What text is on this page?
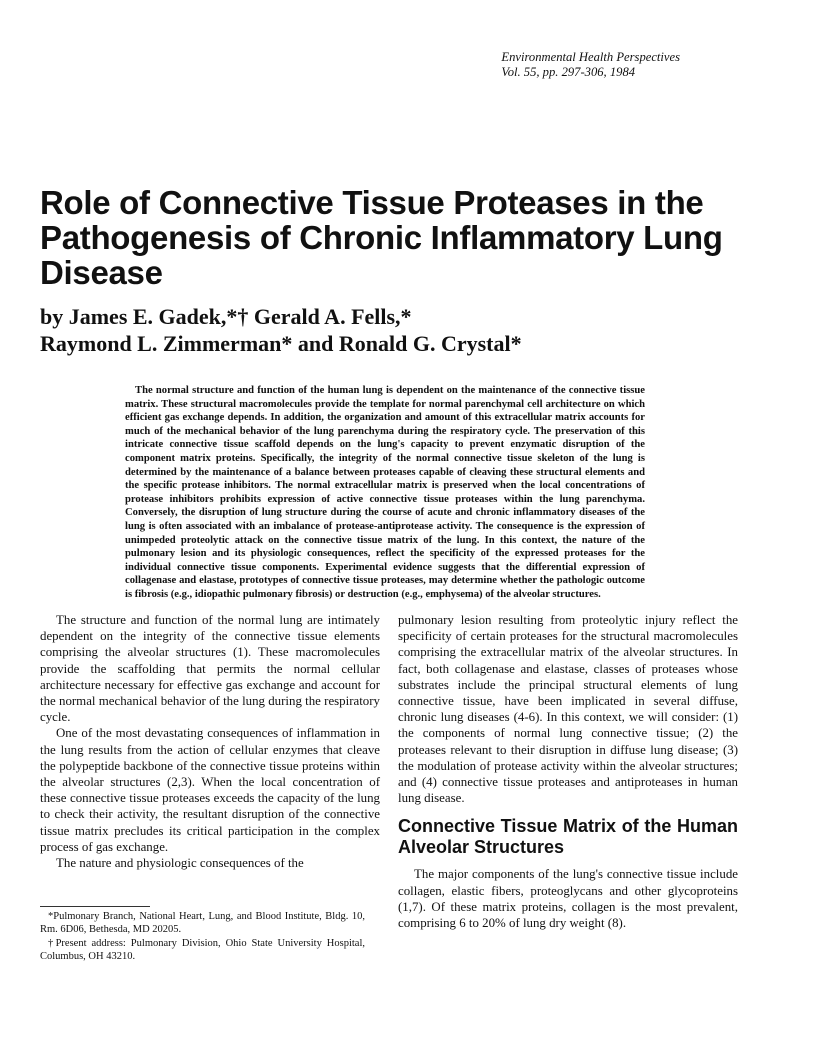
Environmental Health Perspectives
Vol. 55, pp. 297-306, 1984
Role of Connective Tissue Proteases in the Pathogenesis of Chronic Inflammatory Lung Disease
by James E. Gadek,*† Gerald A. Fells,*
Raymond L. Zimmerman* and Ronald G. Crystal*

The normal structure and function of the human lung is dependent on the maintenance of the connective tissue matrix. These structural macromolecules provide the template for normal parenchymal cell architecture on which efficient gas exchange depends. In addition, the organization and amount of this extracellular matrix accounts for much of the mechanical behavior of the lung parenchyma during the respiratory cycle. The preservation of this intricate connective tissue scaffold depends on the lung's capacity to prevent enzymatic disruption of the component matrix proteins. Specifically, the integrity of the normal connective tissue skeleton of the lung is determined by the maintenance of a balance between proteases capable of cleaving these structural elements and the specific protease inhibitors. The normal extracellular matrix is preserved when the local concentrations of protease inhibitors prohibits expression of active connective tissue proteases within the lung parenchyma. Conversely, the disruption of lung structure during the course of acute and chronic inflammatory diseases of the lung is often associated with an imbalance of protease-antiprotease activity. The consequence is the expression of unimpeded proteolytic attack on the connective tissue matrix of the lung. In this context, the nature of the pulmonary lesion and its physiologic consequences, reflect the specificity of the expressed proteases for the individual connective tissue components. Experimental evidence suggests that the differential expression of collagenase and elastase, prototypes of connective tissue proteases, may determine whether the pathologic outcome is fibrosis (e.g., idiopathic pulmonary fibrosis) or destruction (e.g., emphysema) of the alveolar structures.

The structure and function of the normal lung are intimately dependent on the integrity of the connective tissue elements comprising the alveolar structures (1). These macromolecules provide the scaffolding that permits the normal cellular architecture necessary for effective gas exchange and account for the normal mechanical behavior of the lung during the respiratory cycle.

One of the most devastating consequences of inflammation in the lung results from the action of cellular enzymes that cleave the polypeptide backbone of the connective tissue proteins within the alveolar structures (2,3). When the local concentration of these connective tissue proteases exceeds the capacity of the lung to check their activity, the resultant disruption of the connective tissue matrix precludes its critical participation in the complex process of gas exchange.

The nature and physiologic consequences of the

*Pulmonary Branch, National Heart, Lung, and Blood Institute, Bldg. 10, Rm. 6D06, Bethesda, MD 20205.

†Present address: Pulmonary Division, Ohio State University Hospital, Columbus, OH 43210.

pulmonary lesion resulting from proteolytic injury reflect the specificity of certain proteases for the structural macromolecules comprising the extracellular matrix of the alveolar structures. In fact, both collagenase and elastase, classes of proteases whose substrates include the principal structural elements of lung connective tissue, have been implicated in several diffuse, chronic lung diseases (4-6). In this context, we will consider: (1) the components of normal lung connective tissue; (2) the proteases relevant to their disruption in diffuse lung disease; (3) the modulation of protease activity within the alveolar structures; and (4) connective tissue proteases and antiproteases in human lung disease.

Connective Tissue Matrix of the Human Alveolar Structures

The major components of the lung's connective tissue include collagen, elastic fibers, proteoglycans and other glycoproteins (1,7). Of these matrix proteins, collagen is the most prevalent, comprising 6 to 20% of lung dry weight (8).
